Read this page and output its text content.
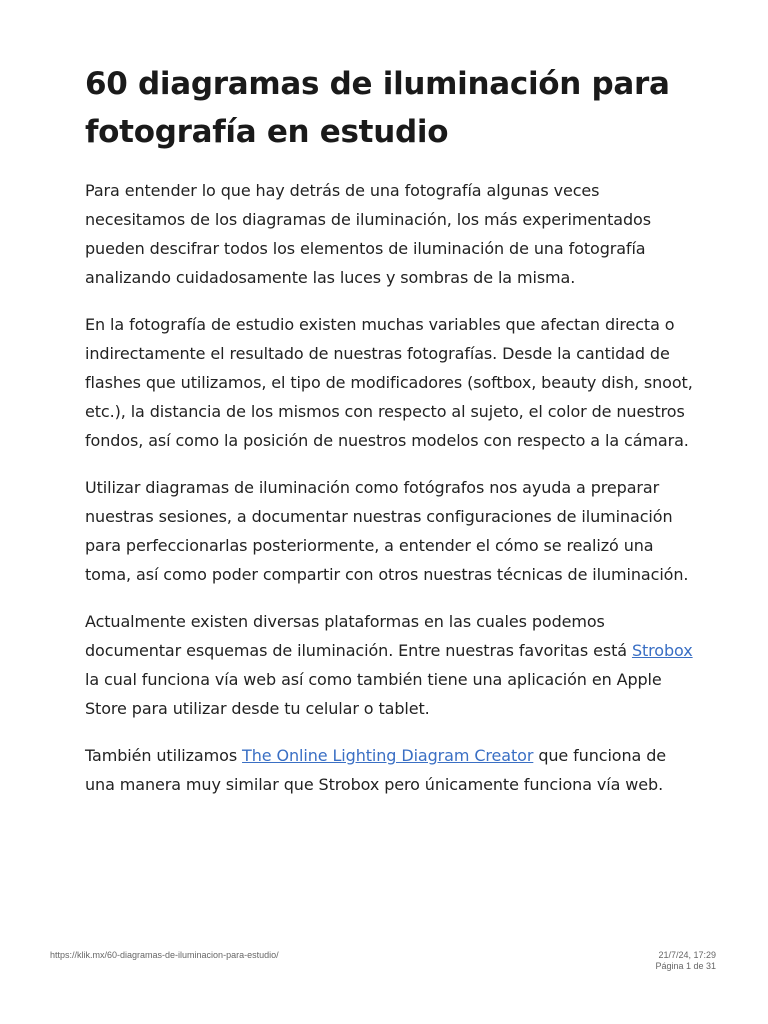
60 diagramas de iluminación para fotografía en estudio

Para entender lo que hay detrás de una fotografía algunas veces necesitamos de los diagramas de iluminación, los más experimentados pueden descifrar todos los elementos de iluminación de una fotografía analizando cuidadosamente las luces y sombras de la misma.

En la fotografía de estudio existen muchas variables que afectan directa o indirectamente el resultado de nuestras fotografías. Desde la cantidad de flashes que utilizamos, el tipo de modificadores (softbox, beauty dish, snoot, etc.), la distancia de los mismos con respecto al sujeto, el color de nuestros fondos, así como la posición de nuestros modelos con respecto a la cámara.

Utilizar diagramas de iluminación como fotógrafos nos ayuda a preparar nuestras sesiones, a documentar nuestras configuraciones de iluminación para perfeccionarlas posteriormente, a entender el cómo se realizó una toma, así como poder compartir con otros nuestras técnicas de iluminación.

Actualmente existen diversas plataformas en las cuales podemos documentar esquemas de iluminación. Entre nuestras favoritas está Strobox la cual funciona vía web así como también tiene una aplicación en Apple Store para utilizar desde tu celular o tablet.

También utilizamos The Online Lighting Diagram Creator que funciona de una manera muy similar que Strobox pero únicamente funciona vía web.

https://klik.mx/60-diagramas-de-iluminacion-para-estudio/	21/7/24, 17:29
Página 1 de 31
